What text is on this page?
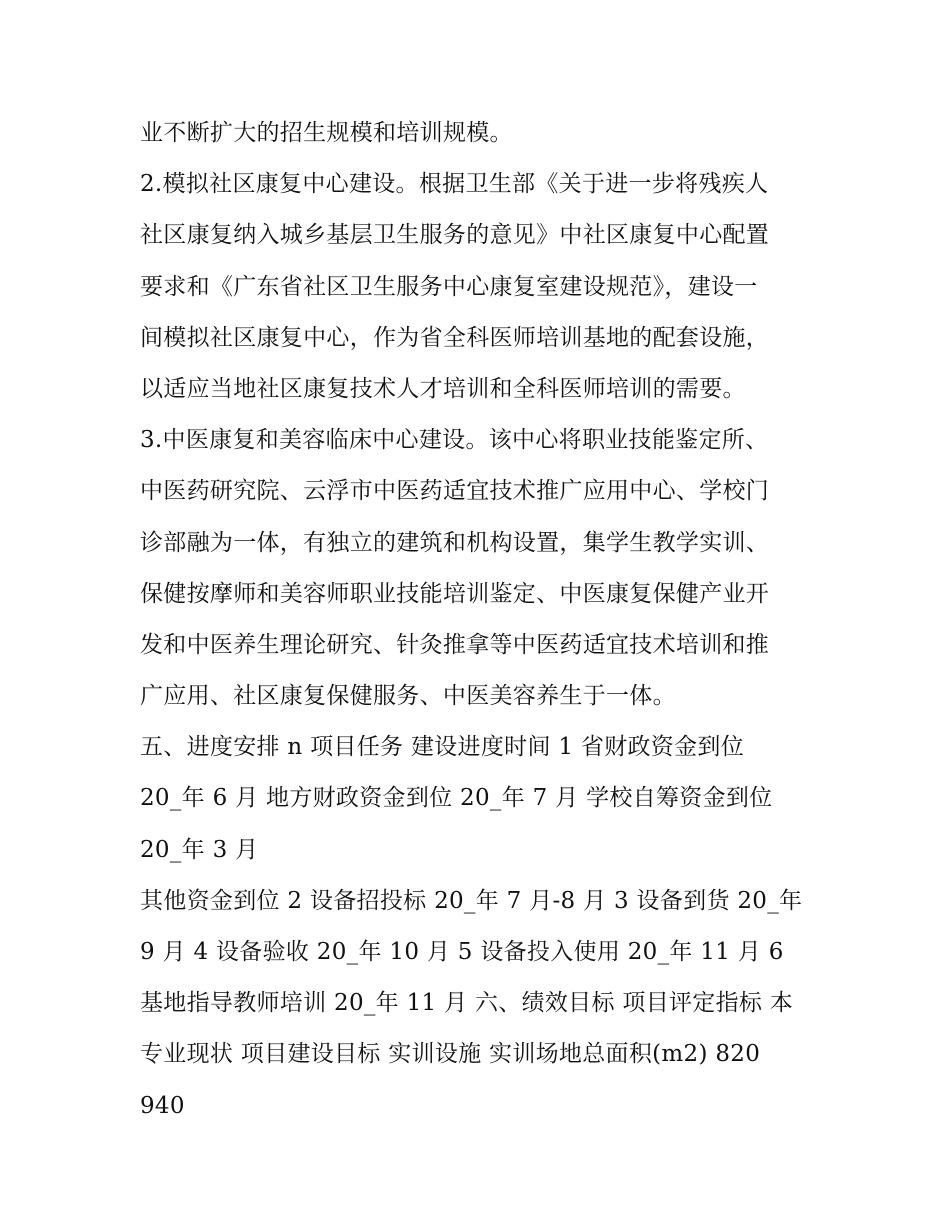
业不断扩大的招生规模和培训规模。
2.模拟社区康复中心建设。根据卫生部《关于进一步将残疾人
社区康复纳入城乡基层卫生服务的意见》中社区康复中心配置
要求和《广东省社区卫生服务中心康复室建设规范》，建设一
间模拟社区康复中心，作为省全科医师培训基地的配套设施，
以适应当地社区康复技术人才培训和全科医师培训的需要。
3.中医康复和美容临床中心建设。该中心将职业技能鉴定所、
中医药研究院、云浮市中医药适宜技术推广应用中心、学校门
诊部融为一体，有独立的建筑和机构设置，集学生教学实训、
保健按摩师和美容师职业技能培训鉴定、中医康复保健产业开
发和中医养生理论研究、针灸推拿等中医药适宜技术培训和推
广应用、社区康复保健服务、中医美容养生于一体。
五、进度安排 n 项目任务 建设进度时间 1 省财政资金到位
20_年 6 月 地方财政资金到位 20_年 7 月 学校自筹资金到位
20_年 3 月
其他资金到位 2 设备招投标 20_年 7 月-8 月 3 设备到货 20_年
9 月 4 设备验收 20_年 10 月 5 设备投入使用 20_年 11 月 6
基地指导教师培训 20_年 11 月 六、绩效目标 项目评定指标 本
专业现状 项目建设目标 实训设施 实训场地总面积(m2) 820
940
